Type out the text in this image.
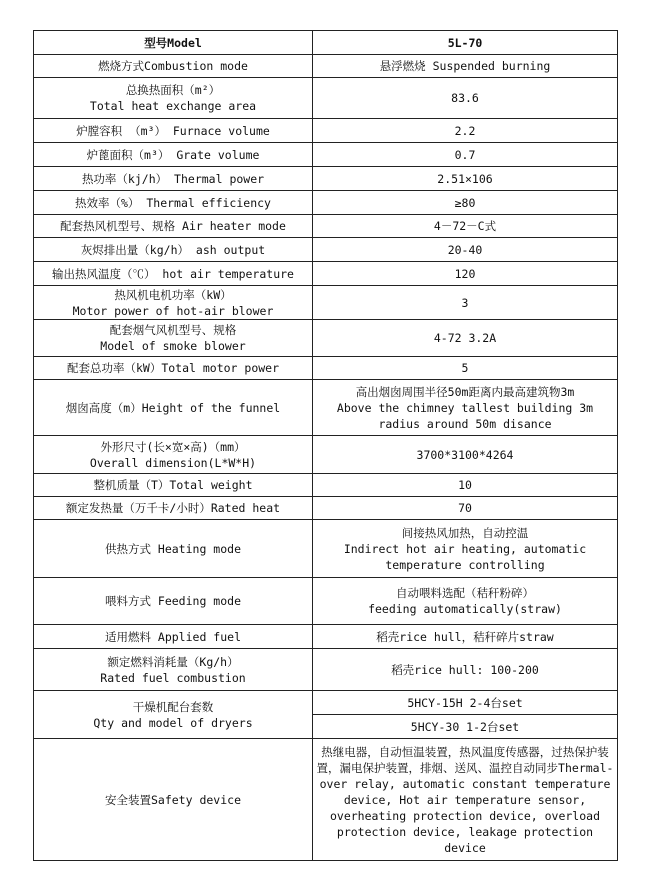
型号Model	5L-70
燃烧方式Combustion mode	悬浮燃烧 Suspended burning

总换热面积（m²）
Total heat exchange area	83.6
炉膛容积 （m³） Furnace volume	2.2
炉蓖面积（m³） Grate volume	0.7
热功率（kj/h） Thermal power	2.51×106
热效率（%） Thermal efficiency	≥80
配套热风机型号、规格 Air heater mode	4－72－C式
灰烬排出量（kg/h） ash output	20-40
输出热风温度（℃） hot air temperature	120

热风机电机功率（kW）
Motor power of hot-air blower	3

配套烟气风机型号、规格
Model of smoke blower	4-72 3.2A
配套总功率（kW）Total motor power	5
烟囱高度（m）Height of the funnel	高出烟囱周围半径50m距离内最高建筑物3m
Above the chimney tallest building 3m
radius around 50m disance

外形尺寸(长×宽×高)（mm）
Overall dimension(L*W*H)	3700*3100*4264
整机质量（T）Total weight	10
额定发热量（万千卡/小时）Rated heat	70
供热方式 Heating mode	间接热风加热，自动控温
Indirect hot air heating, automatic
temperature controlling

喂料方式 Feeding mode	自动喂料选配（秸秆粉碎）
feeding automatically(straw)

适用燃料 Applied fuel	稻壳rice hull，秸秆碎片straw

额定燃料消耗量（Kg/h）
Rated fuel combustion	稻壳rice hull: 100-200

干燥机配台套数
Qty and model of dryers	5HCY-15H 2-4台set
	5HCY-30 1-2台set
安全装置Safety device	热继电器，自动恒温装置，热风温度传感器，过热保护装置，漏电保护装置，排烟、送风、温控自动同步Thermal-over relay, automatic constant temperature device, Hot air temperature sensor, overheating protection device, overload protection device, leakage protection device
